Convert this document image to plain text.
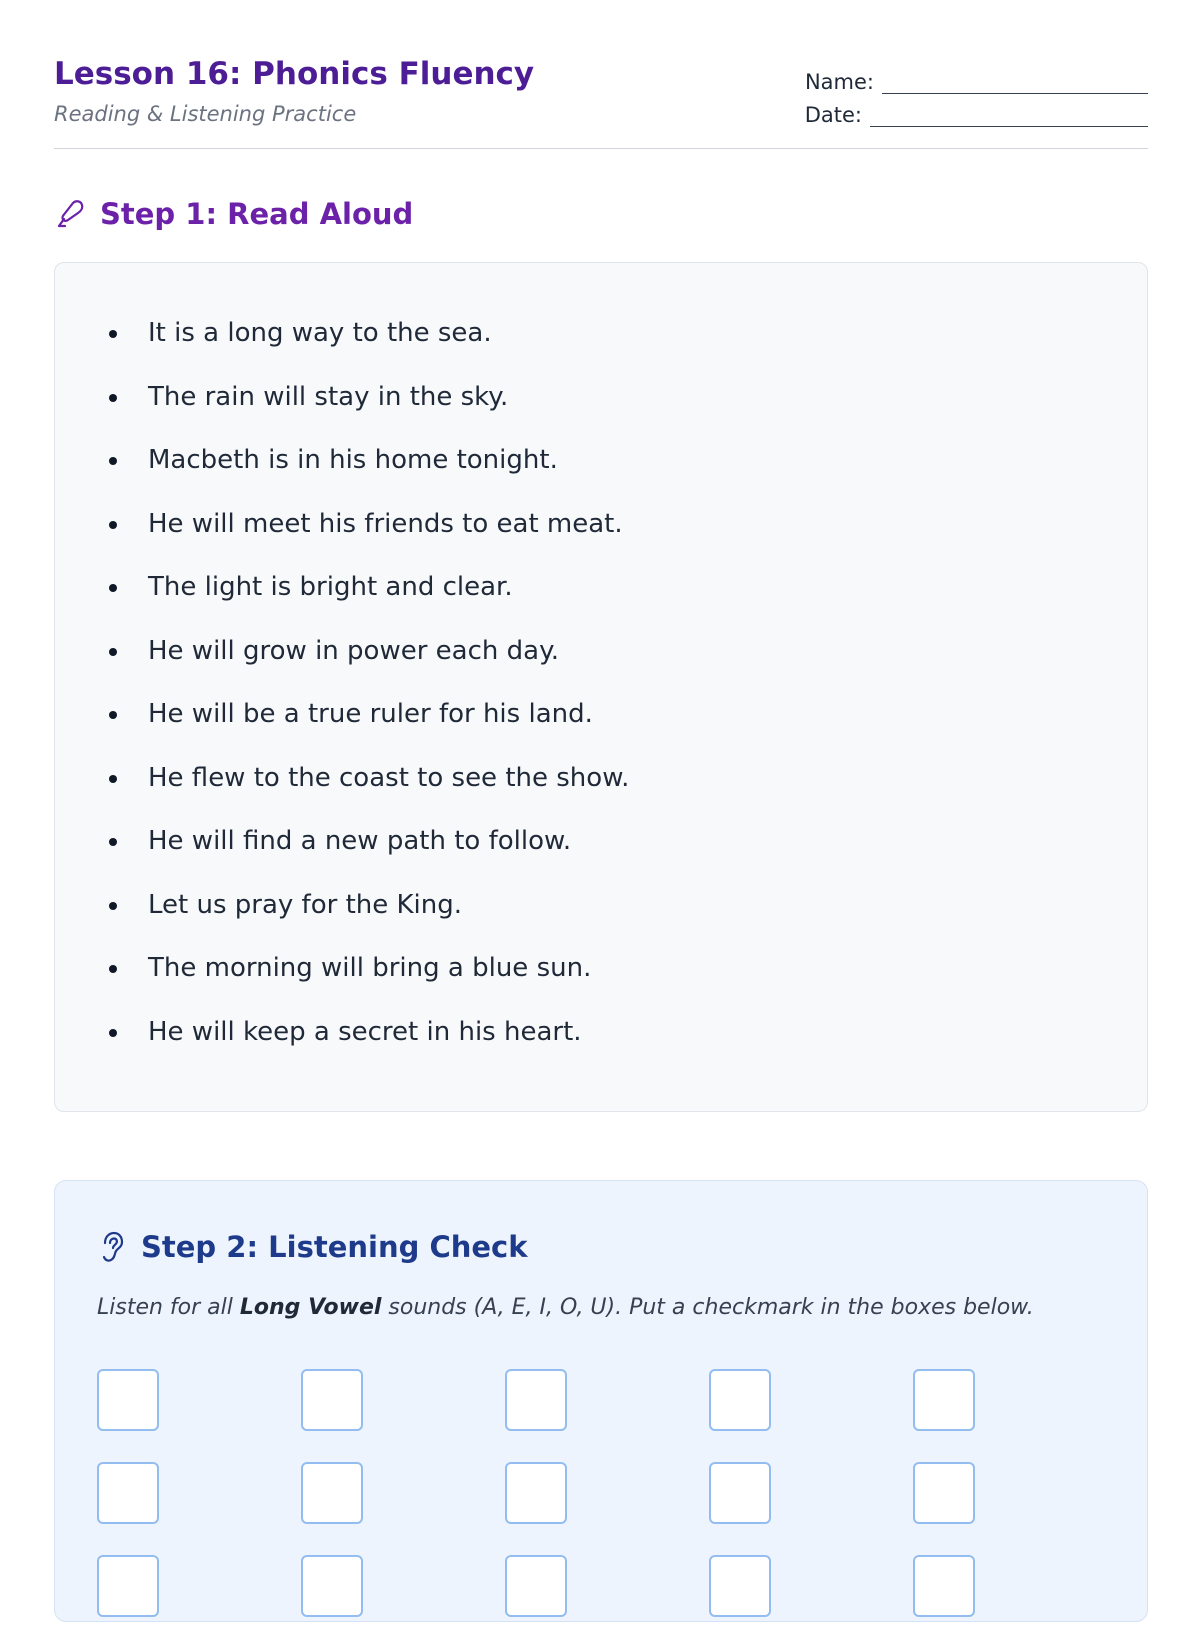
Lesson 16: Phonics Fluency
Reading & Listening Practice
Name:
Date:
Step 1: Read Aloud
It is a long way to the sea.
The rain will stay in the sky.
Macbeth is in his home tonight.
He will meet his friends to eat meat.
The light is bright and clear.
He will grow in power each day.
He will be a true ruler for his land.
He flew to the coast to see the show.
He will find a new path to follow.
Let us pray for the King.
The morning will bring a blue sun.
He will keep a secret in his heart.
Step 2: Listening Check
Listen for all Long Vowel sounds (A, E, I, O, U). Put a checkmark in the boxes below.
